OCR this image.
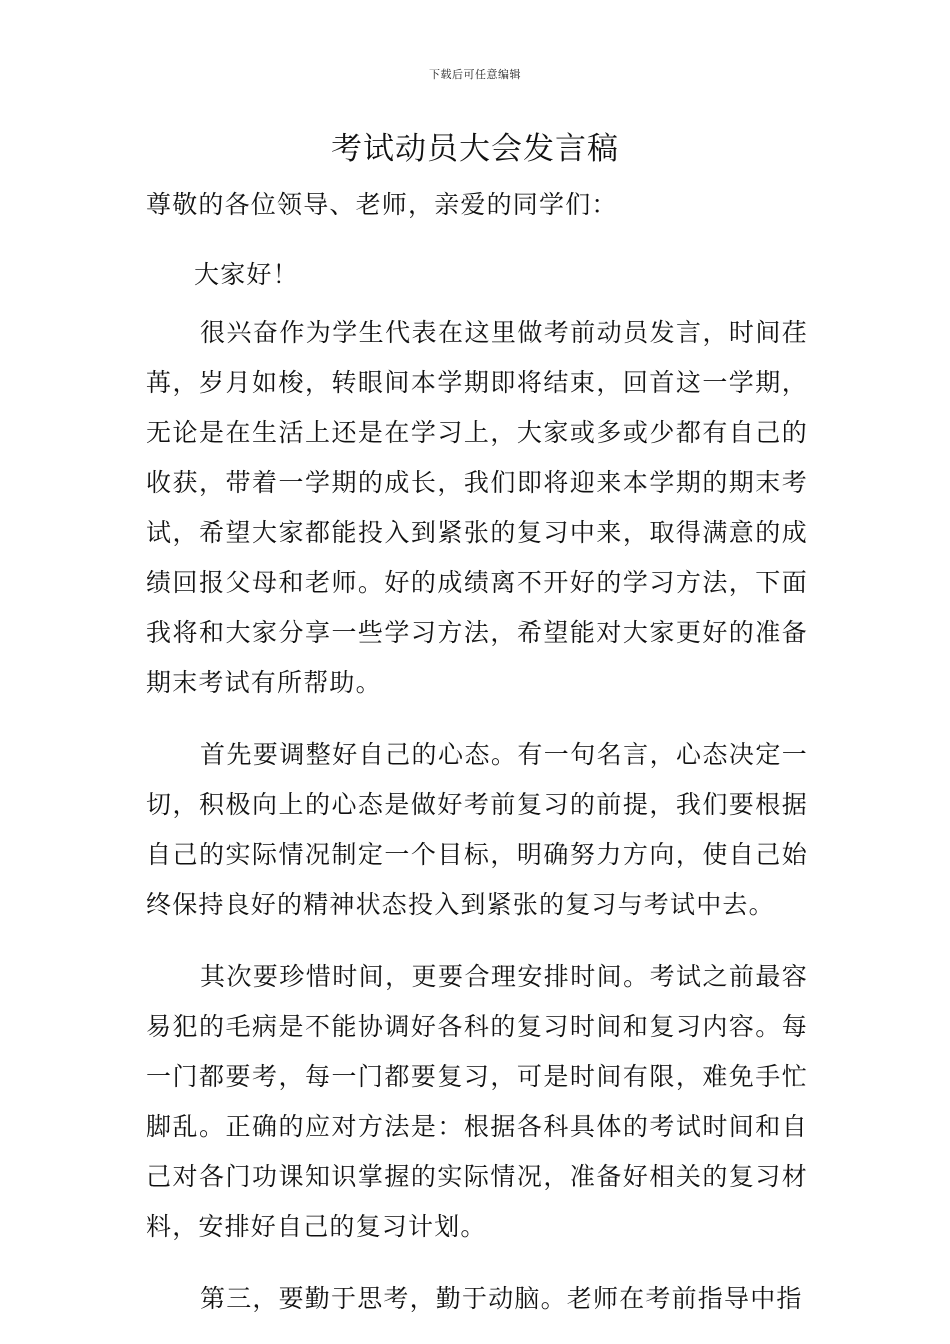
下载后可任意编辑
考试动员大会发言稿

尊敬的各位领导、老师，亲爱的同学们：

大家好！

很兴奋作为学生代表在这里做考前动员发言，时间荏苒，岁月如梭，转眼间本学期即将结束，回首这一学期，无论是在生活上还是在学习上，大家或多或少都有自己的收获，带着一学期的成长，我们即将迎来本学期的期末考试，希望大家都能投入到紧张的复习中来，取得满意的成绩回报父母和老师。好的成绩离不开好的学习方法，下面我将和大家分享一些学习方法，希望能对大家更好的准备期末考试有所帮助。

首先要调整好自己的心态。有一句名言，心态决定一切，积极向上的心态是做好考前复习的前提，我们要根据自己的实际情况制定一个目标，明确努力方向，使自己始终保持良好的精神状态投入到紧张的复习与考试中去。

其次要珍惜时间，更要合理安排时间。考试之前最容易犯的毛病是不能协调好各科的复习时间和复习内容。每一门都要考，每一门都要复习，可是时间有限，难免手忙脚乱。正确的应对方法是：根据各科具体的考试时间和自己对各门功课知识掌握的实际情况，准备好相关的复习材料，安排好自己的复习计划。

第三，要勤于思考，勤于动脑。老师在考前指导中指
